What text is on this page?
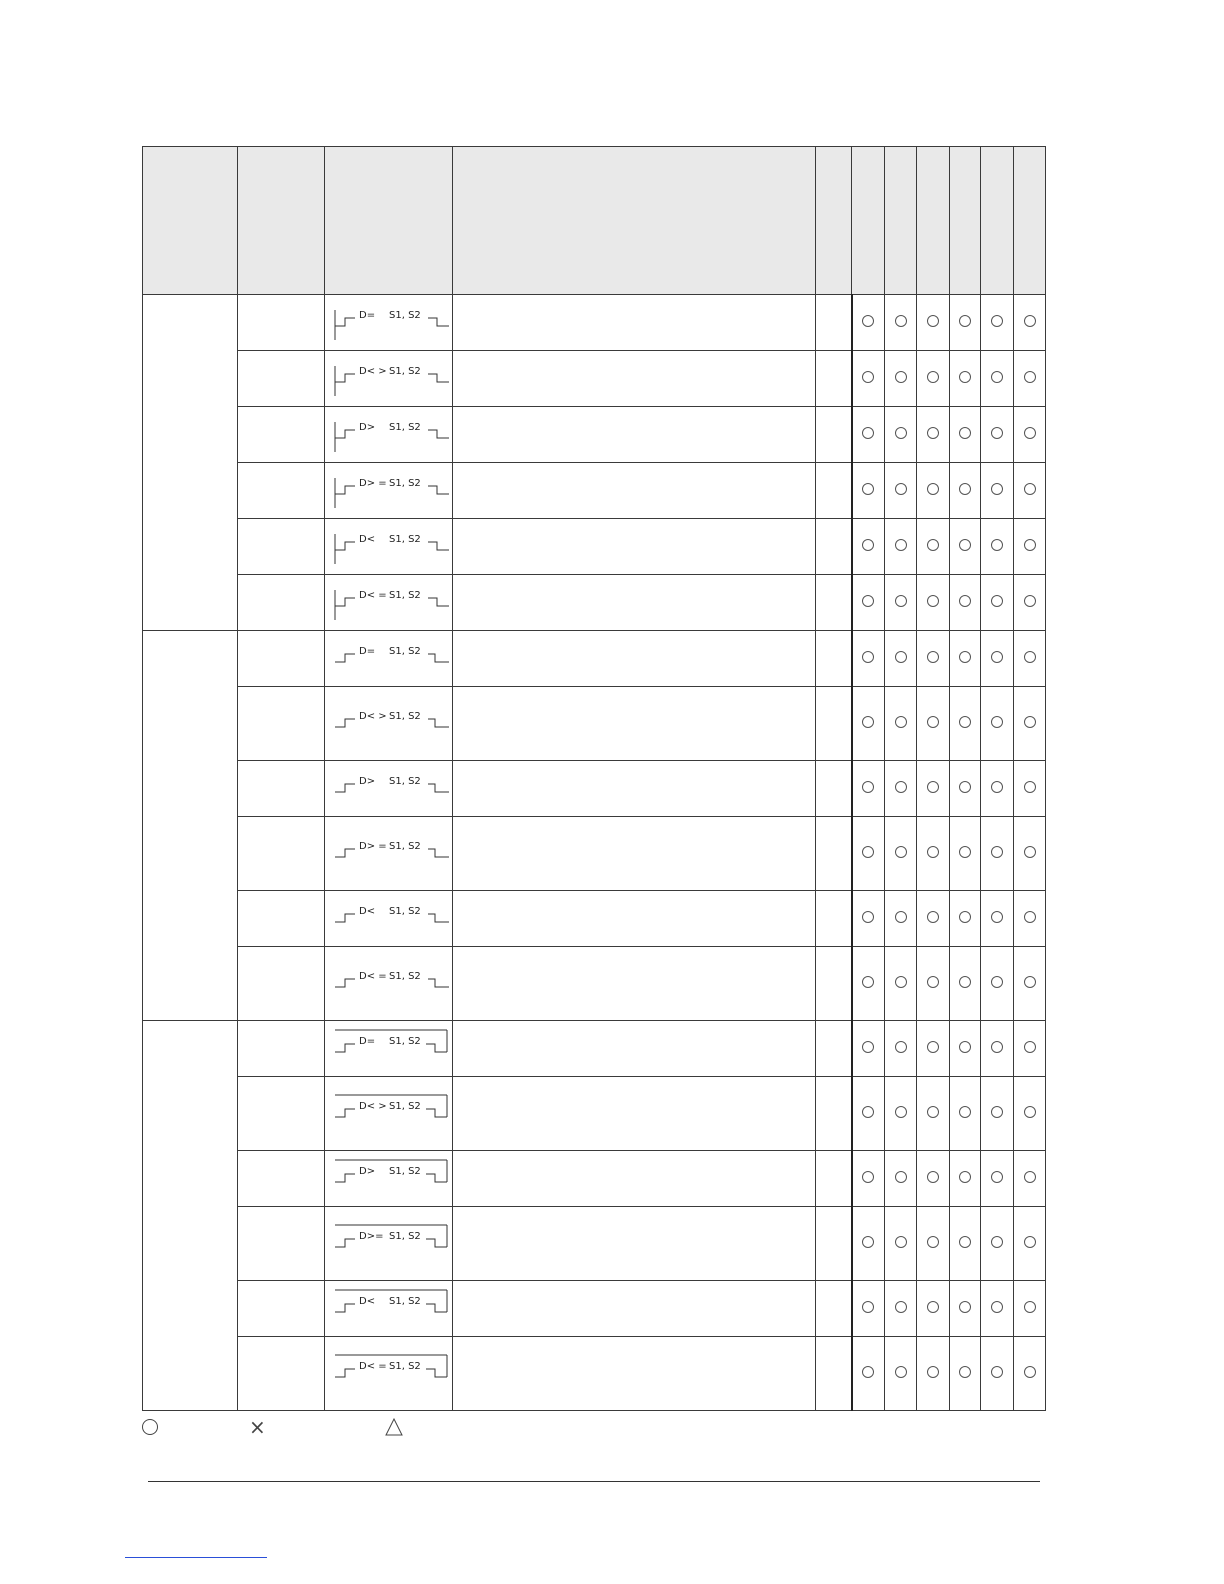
		D= S1, S2								

		D< > S1, S2								

		D> S1, S2								

		D> = S1, S2								

		D< S1, S2								

		D< = S1, S2								

		D= S1, S2								

		D< > S1, S2								

		D> S1, S2								

		D> = S1, S2								

		D< S1, S2								

		D< = S1, S2								

		D= S1, S2								

		D< > S1, S2								

		D> S1, S2								

		D>= S1, S2								

		D< S1, S2								

		D< = S1, S2								

×
